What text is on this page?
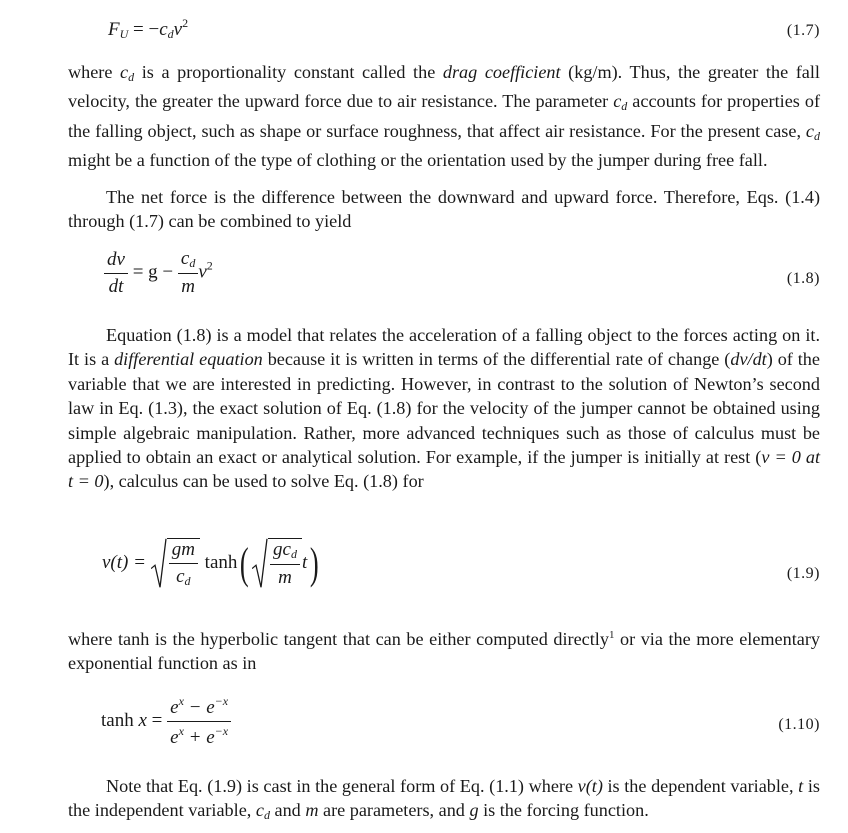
$F_U = -c_dv^2$	(1.7)

where $c_d$ is a proportionality constant called the drag coefficient (kg/m). Thus, the greater the fall velocity, the greater the upward force due to air resistance. The parameter $c_d$ accounts for properties of the falling object, such as shape or surface roughness, that affect air resistance. For the present case, $c_d$ might be a function of the type of clothing or the orientation used by the jumper during free fall.

The net force is the difference between the downward and upward force. Therefore, Eqs. (1.4) through (1.7) can be combined to yield

$\frac{dv}{dt} = g - \frac{c_d}{m} v^2$
(1.8)

Equation (1.8) is a model that relates the acceleration of a falling object to the forces acting on it. It is a differential equation because it is written in terms of the differential rate of change (dv/dt) of the variable that we are interested in predicting. However, in contrast to the solution of Newton’s second law in Eq. (1.3), the exact solution of Eq. (1.8) for the velocity of the jumper cannot be obtained using simple algebraic manipulation. Rather, more advanced techniques such as those of calculus must be applied to obtain an exact or analytical solution. For example, if the jumper is initially at rest (v = 0 at t = 0), calculus can be used to solve Eq. (1.8) for

$v(t) = \frac{gm}{c_d} \tanh( \frac{gc_d}{m} t)$	(1.9)

where tanh is the hyperbolic tangent that can be either computed directly$^1$ or via the more elementary exponential function as in

$\tanh x = \frac{e^x - e^{-x}}{e^x + e^{-x}}$	(1.10)

Note that Eq. (1.9) is cast in the general form of Eq. (1.1) where v(t) is the dependent variable, t is the independent variable, $c_d$ and m are parameters, and g is the forcing function.
